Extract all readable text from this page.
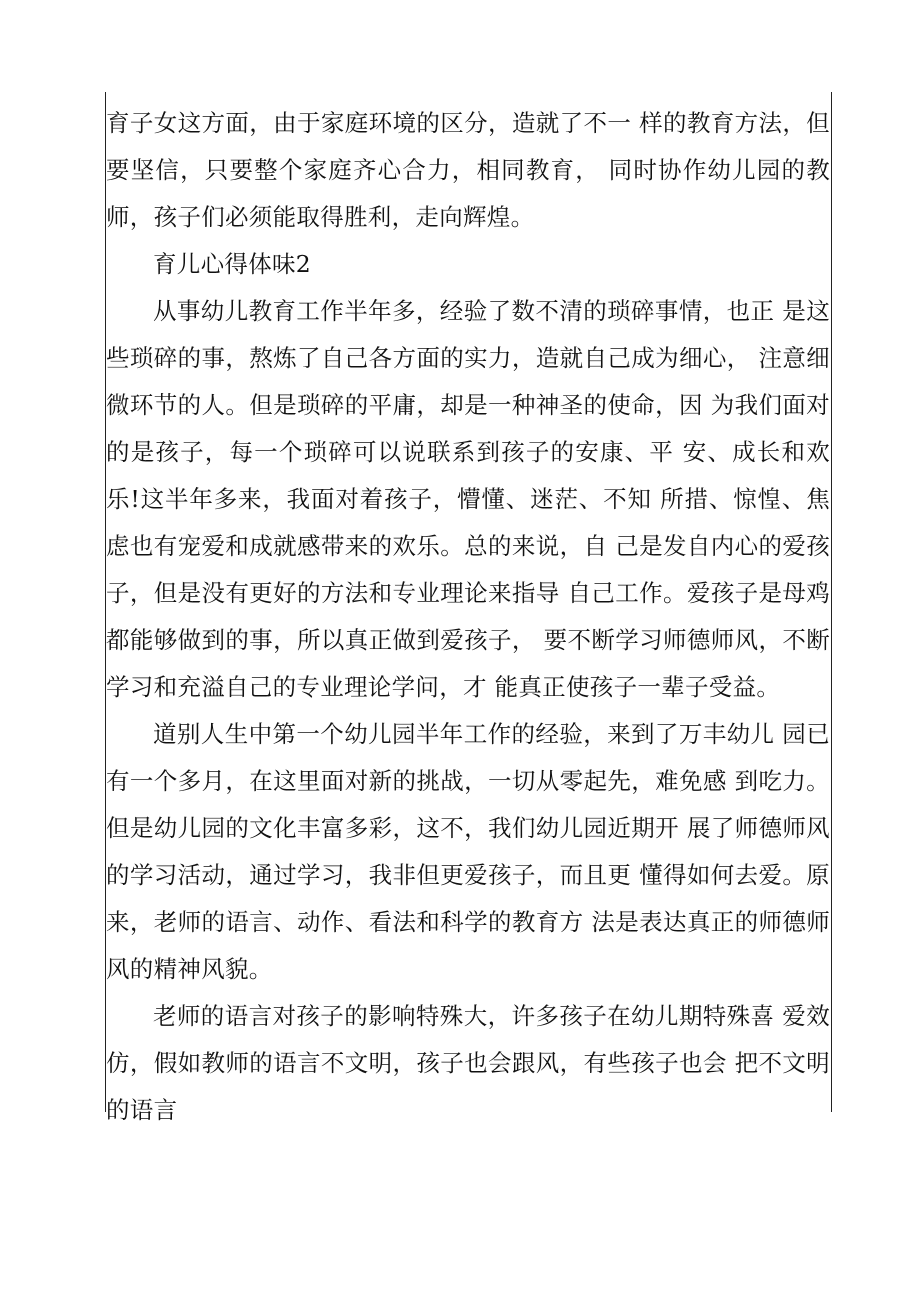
育子女这方面，由于家庭环境的区分，造就了不一 样的教育方法，但要坚信，只要整个家庭齐心合力，相同教育， 同时协作幼儿园的教师，孩子们必须能取得胜利，走向辉煌。

育儿心得体味2

从事幼儿教育工作半年多，经验了数不清的琐碎事情，也正 是这些琐碎的事，熬炼了自己各方面的实力，造就自己成为细心， 注意细微环节的人。但是琐碎的平庸，却是一种神圣的使命，因 为我们面对的是孩子，每一个琐碎可以说联系到孩子的安康、平 安、成长和欢乐!这半年多来，我面对着孩子，懵懂、迷茫、不知 所措、惊惶、焦虑也有宠爱和成就感带来的欢乐。总的来说，自 己是发自内心的爱孩子，但是没有更好的方法和专业理论来指导 自己工作。爱孩子是母鸡都能够做到的事，所以真正做到爱孩子， 要不断学习师德师风，不断学习和充溢自己的专业理论学问，才 能真正使孩子一辈子受益。

道别人生中第一个幼儿园半年工作的经验，来到了万丰幼儿 园已有一个多月，在这里面对新的挑战，一切从零起先，难免感 到吃力。但是幼儿园的文化丰富多彩，这不，我们幼儿园近期开 展了师德师风的学习活动，通过学习，我非但更爱孩子，而且更 懂得如何去爱。原来，老师的语言、动作、看法和科学的教育方 法是表达真正的师德师风的精神风貌。

老师的语言对孩子的影响特殊大，许多孩子在幼儿期特殊喜 爱效仿，假如教师的语言不文明，孩子也会跟风，有些孩子也会 把不文明的语言
